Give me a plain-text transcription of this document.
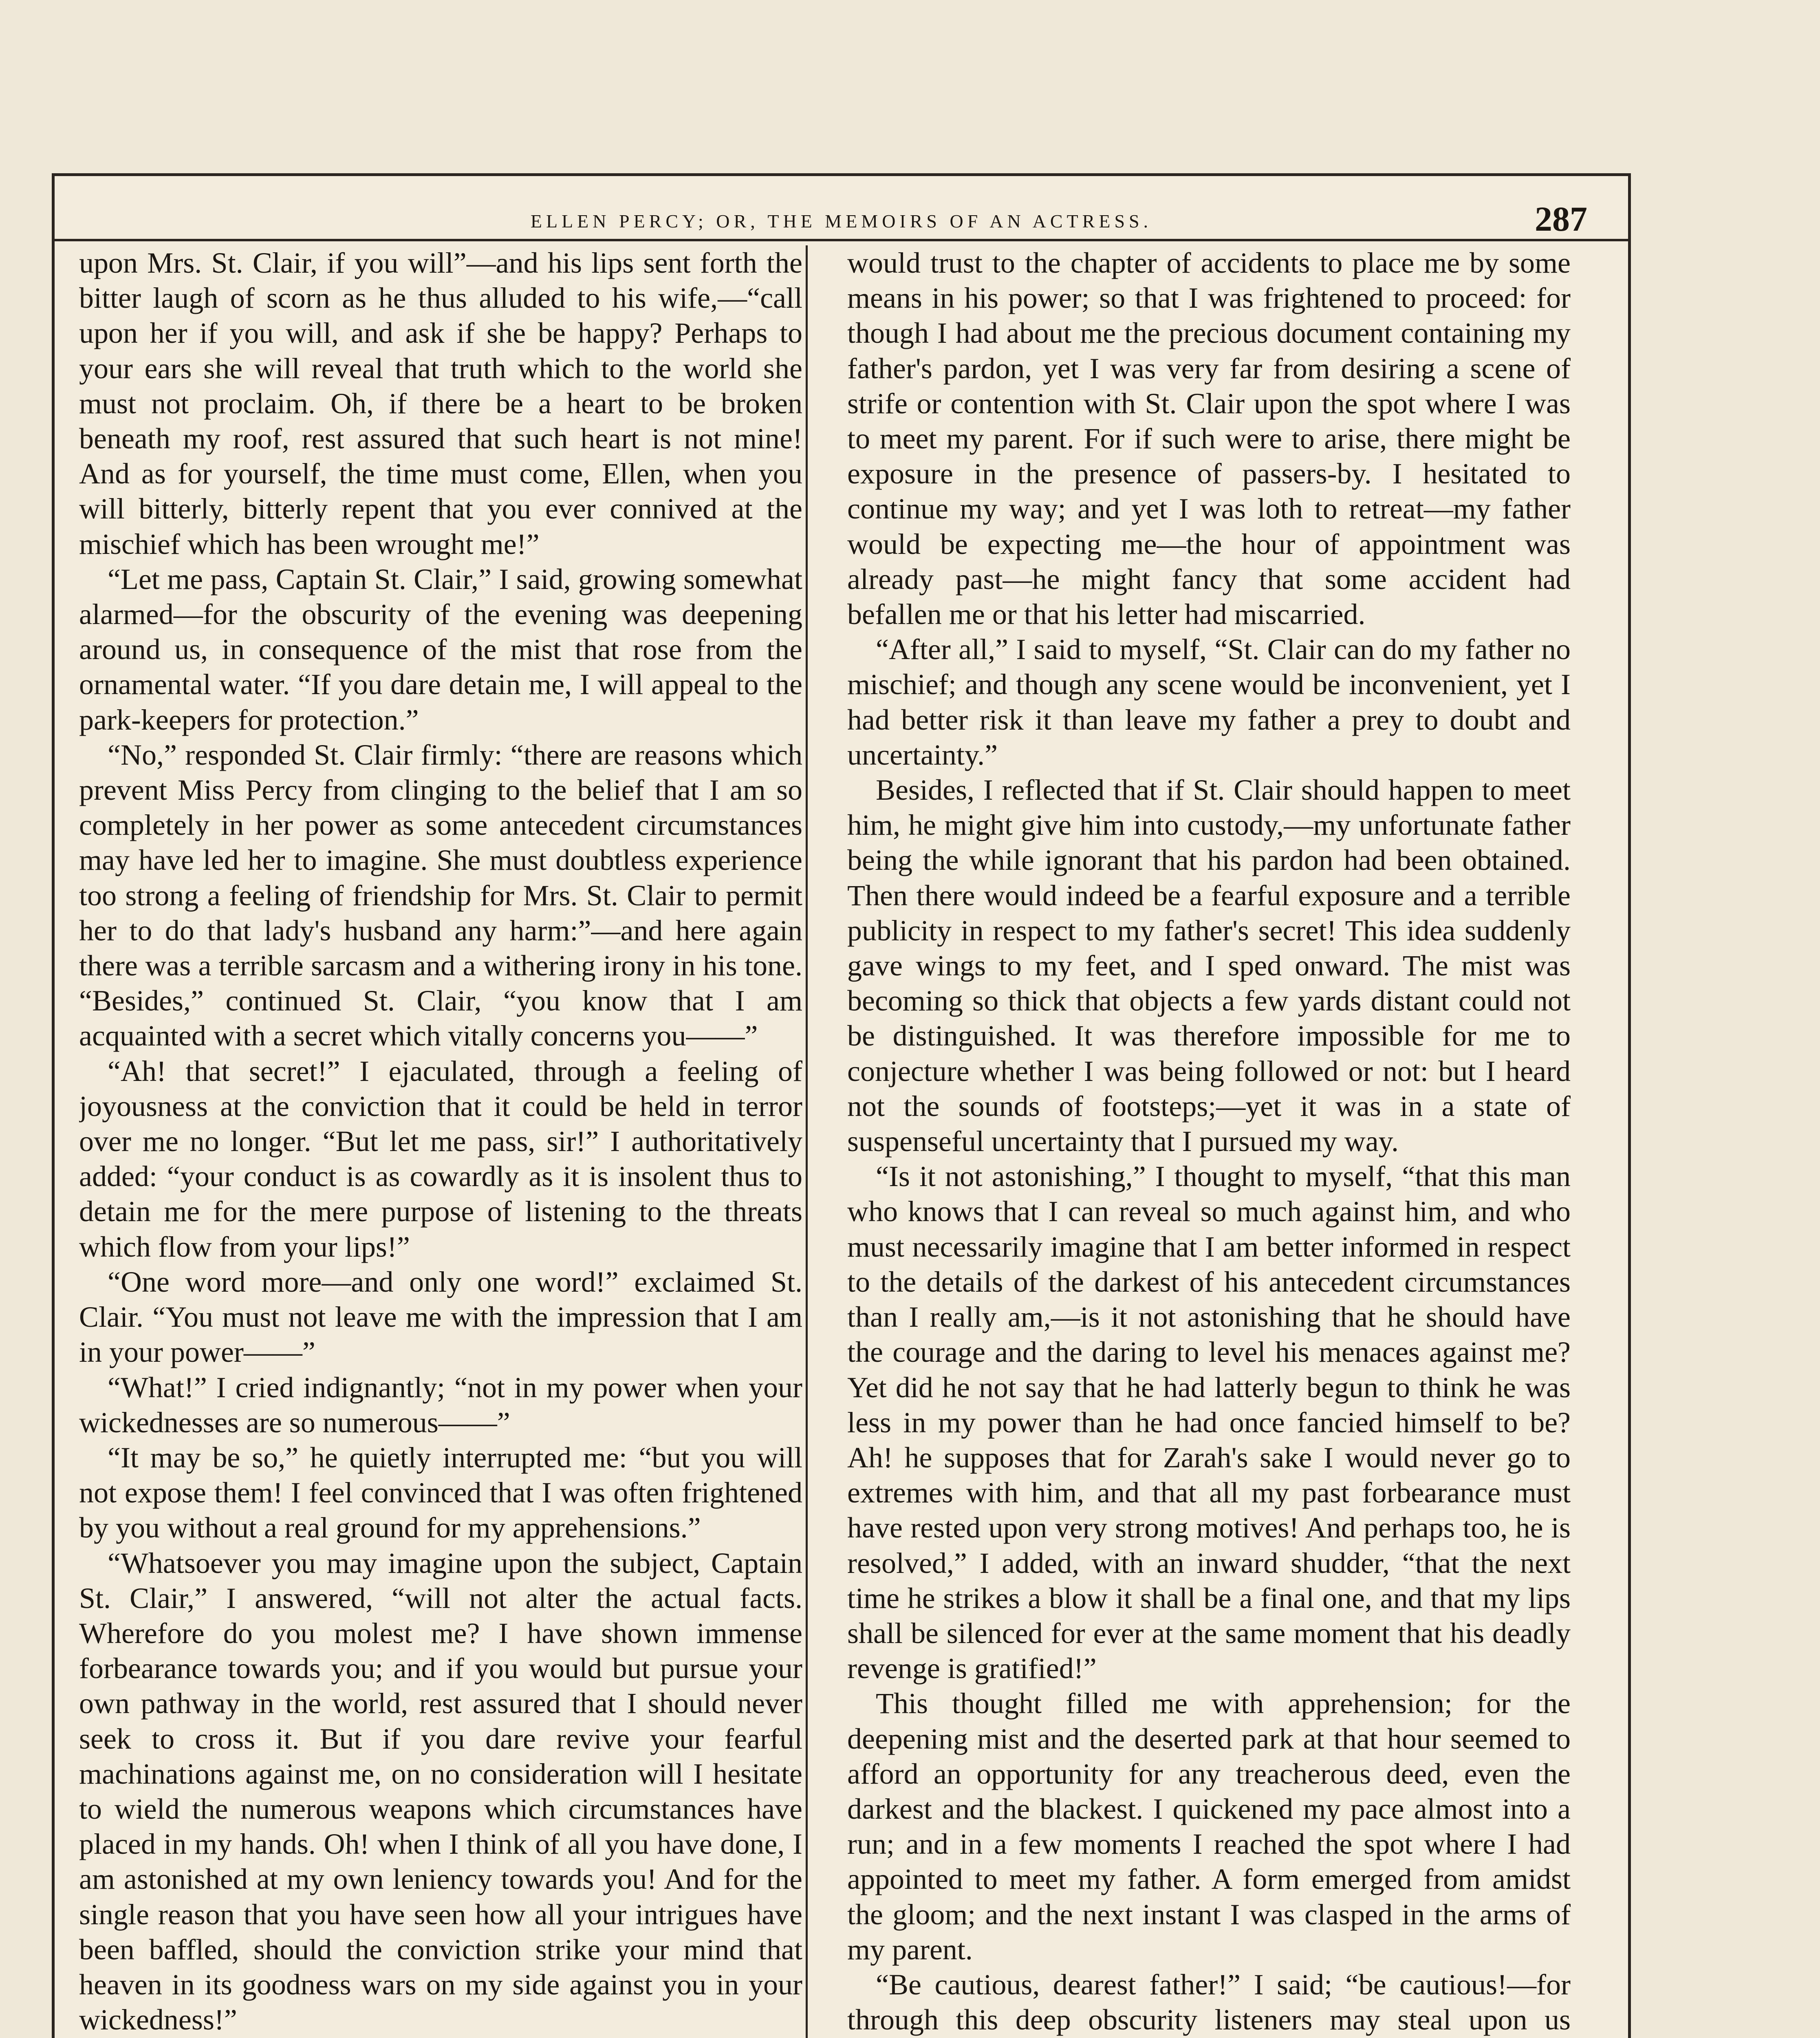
ELLEN PERCY; OR, THE MEMOIRS OF AN ACTRESS.	287

upon Mrs. St. Clair, if you will”—and his lips sent forth the bitter laugh of scorn as he thus alluded to his wife,—“call upon her if you will, and ask if she be happy? Perhaps to your ears she will reveal that truth which to the world she must not proclaim. Oh, if there be a heart to be broken beneath my roof, rest assured that such heart is not mine! And as for yourself, the time must come, Ellen, when you will bitterly, bitterly repent that you ever connived at the mischief which has been wrought me!”

“Let me pass, Captain St. Clair,” I said, growing somewhat alarmed—for the obscurity of the evening was deepening around us, in consequence of the mist that rose from the ornamental water. “If you dare detain me, I will appeal to the park-keepers for protection.”

“No,” responded St. Clair firmly: “there are reasons which prevent Miss Percy from clinging to the belief that I am so completely in her power as some antecedent circumstances may have led her to imagine. She must doubtless experience too strong a feeling of friendship for Mrs. St. Clair to permit her to do that lady's husband any harm:”—and here again there was a terrible sarcasm and a withering irony in his tone. “Besides,” continued St. Clair, “you know that I am acquainted with a secret which vitally concerns you——”

“Ah! that secret!” I ejaculated, through a feeling of joyousness at the conviction that it could be held in terror over me no longer. “But let me pass, sir!” I authoritatively added: “your conduct is as cowardly as it is insolent thus to detain me for the mere purpose of listening to the threats which flow from your lips!”

“One word more—and only one word!” exclaimed St. Clair. “You must not leave me with the impression that I am in your power——”

“What!” I cried indignantly; “not in my power when your wickednesses are so numerous——”

“It may be so,” he quietly interrupted me: “but you will not expose them! I feel convinced that I was often frightened by you without a real ground for my apprehensions.”

“Whatsoever you may imagine upon the subject, Captain St. Clair,” I answered, “will not alter the actual facts. Wherefore do you molest me? I have shown immense forbearance towards you; and if you would but pursue your own pathway in the world, rest assured that I should never seek to cross it. But if you dare revive your fearful machinations against me, on no consideration will I hesitate to wield the numerous weapons which circumstances have placed in my hands. Oh! when I think of all you have done, I am astonished at my own leniency towards you! And for the single reason that you have seen how all your intrigues have been baffled, should the conviction strike your mind that heaven in its goodness wars on my side against you in your wickedness!”

would trust to the chapter of accidents to place me by some means in his power; so that I was frightened to proceed: for though I had about me the precious document containing my father's pardon, yet I was very far from desiring a scene of strife or contention with St. Clair upon the spot where I was to meet my parent. For if such were to arise, there might be exposure in the presence of passers-by. I hesitated to continue my way; and yet I was loth to retreat—my father would be expecting me—the hour of appointment was already past—he might fancy that some accident had befallen me or that his letter had miscarried.

“After all,” I said to myself, “St. Clair can do my father no mischief; and though any scene would be inconvenient, yet I had better risk it than leave my father a prey to doubt and uncertainty.”

Besides, I reflected that if St. Clair should happen to meet him, he might give him into custody,—my unfortunate father being the while ignorant that his pardon had been obtained. Then there would indeed be a fearful exposure and a terrible publicity in respect to my father's secret! This idea suddenly gave wings to my feet, and I sped onward. The mist was becoming so thick that objects a few yards distant could not be distinguished. It was therefore impossible for me to conjecture whether I was being followed or not: but I heard not the sounds of footsteps;—yet it was in a state of suspenseful uncertainty that I pursued my way.

“Is it not astonishing,” I thought to myself, “that this man who knows that I can reveal so much against him, and who must necessarily imagine that I am better informed in respect to the details of the darkest of his antecedent circumstances than I really am,—is it not astonishing that he should have the courage and the daring to level his menaces against me? Yet did he not say that he had latterly begun to think he was less in my power than he had once fancied himself to be? Ah! he supposes that for Zarah's sake I would never go to extremes with him, and that all my past forbearance must have rested upon very strong motives! And perhaps too, he is resolved,” I added, with an inward shudder, “that the next time he strikes a blow it shall be a final one, and that my lips shall be silenced for ever at the same moment that his deadly revenge is gratified!”

This thought filled me with apprehension; for the deepening mist and the deserted park at that hour seemed to afford an opportunity for any treacherous deed, even the darkest and the blackest. I quickened my pace almost into a run; and in a few moments I reached the spot where I had appointed to meet my father. A form emerged from amidst the gloom; and the next instant I was clasped in the arms of my parent.

“Be cautious, dearest father!” I said; “be cautious!—for through this deep obscurity listeners may steal upon us
